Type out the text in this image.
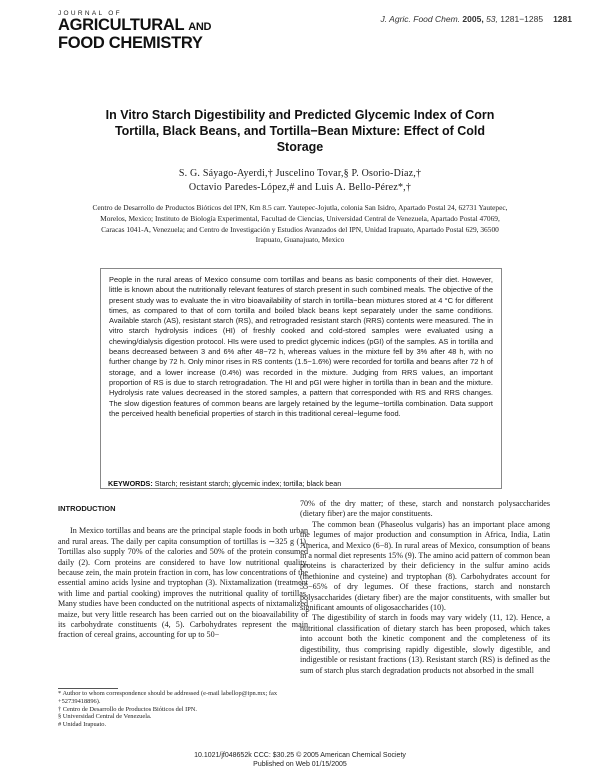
JOURNAL OF
AGRICULTURAL AND
FOOD CHEMISTRY
J. Agric. Food Chem. 2005, 53, 1281−1285 1281
In Vitro Starch Digestibility and Predicted Glycemic Index of Corn Tortilla, Black Beans, and Tortilla−Bean Mixture: Effect of Cold Storage
S. G. Sáyago-Ayerdi,† Juscelino Tovar,§ P. Osorio-Díaz,†
Octavio Paredes-López,# and Luis A. Bello-Pérez*,†
Centro de Desarrollo de Productos Bióticos del IPN, Km 8.5 carr. Yautepec-Jojutla, colonia San Isidro, Apartado Postal 24, 62731 Yautepec, Morelos, Mexico; Instituto de Biología Experimental, Facultad de Ciencias, Universidad Central de Venezuela, Apartado Postal 47069, Caracas 1041-A, Venezuela; and Centro de Investigación y Estudios Avanzados del IPN, Unidad Irapuato, Apartado Postal 629, 36500 Irapuato, Guanajuato, Mexico
People in the rural areas of Mexico consume corn tortillas and beans as basic components of their diet. However, little is known about the nutritionally relevant features of starch present in such combined meals. The objective of the present study was to evaluate the in vitro bioavailability of starch in tortilla−bean mixtures stored at 4 °C for different times, as compared to that of corn tortilla and boiled black beans kept separately under the same conditions. Available starch (AS), resistant starch (RS), and retrograded resistant starch (RRS) contents were measured. The in vitro starch hydrolysis indices (HI) of freshly cooked and cold-stored samples were evaluated using a chewing/dialysis digestion protocol. HIs were used to predict glycemic indices (pGI) of the samples. AS in tortilla and beans decreased between 3 and 6% after 48−72 h, whereas values in the mixture fell by 3% after 48 h, with no further change by 72 h. Only minor rises in RS contents (1.5−1.6%) were recorded for tortilla and beans after 72 h of storage, and a lower increase (0.4%) was recorded in the mixture. Judging from RRS values, an important proportion of RS is due to starch retrogradation. The HI and pGI were higher in tortilla than in bean and the mixture. Hydrolysis rate values decreased in the stored samples, a pattern that corresponded with RS and RRS changes. The slow digestion features of common beans are largely retained by the legume−tortilla combination. Data support the perceived health beneficial properties of starch in this traditional cereal−legume food.
KEYWORDS: Starch; resistant starch; glycemic index; tortilla; black bean
INTRODUCTION

In Mexico tortillas and beans are the principal staple foods in both urban and rural areas. The daily per capita consumption of tortillas is ∼325 g (1). Tortillas also supply 70% of the calories and 50% of the protein consumed daily (2). Corn proteins are considered to have low nutritional quality, because zein, the main protein fraction in corn, has low concentrations of the essential amino acids lysine and tryptophan (3). Nixtamalization (treatment with lime and partial cooking) improves the nutritional quality of tortillas. Many studies have been conducted on the nutritional aspects of nixtamalized maize, but very little research has been carried out on the bioavailability of its carbohydrate constituents (4, 5). Carbohydrates represent the main fraction of cereal grains, accounting for up to 50−

70% of the dry matter; of these, starch and nonstarch polysaccharides (dietary fiber) are the major constituents.

The common bean (Phaseolus vulgaris) has an important place among the legumes of major production and consumption in Africa, India, Latin America, and Mexico (6−8). In rural areas of Mexico, consumption of beans in a normal diet represents 15% (9). The amino acid pattern of common bean proteins is characterized by their deficiency in the sulfur amino acids (methionine and cysteine) and tryptophan (8). Carbohydrates account for 55−65% of dry legumes. Of these fractions, starch and nonstarch polysaccharides (dietary fiber) are the major constituents, with smaller but significant amounts of oligosaccharides (10).

The digestibility of starch in foods may vary widely (11, 12). Hence, a nutritional classification of dietary starch has been proposed, which takes into account both the kinetic component and the completeness of its digestibility, thus comprising rapidly digestible, slowly digestible, and indigestible or resistant fractions (13). Resistant starch (RS) is defined as the sum of starch plus starch degradation products not absorbed in the small

* Author to whom correspondence should be addressed (e-mail labellop@ipn.mx; fax +52739418896).
† Centro de Desarrollo de Productos Bióticos del IPN.
§ Universidad Central de Venezuela.
# Unidad Irapuato.
10.1021/jf048652k CCC: $30.25 © 2005 American Chemical Society
Published on Web 01/15/2005
